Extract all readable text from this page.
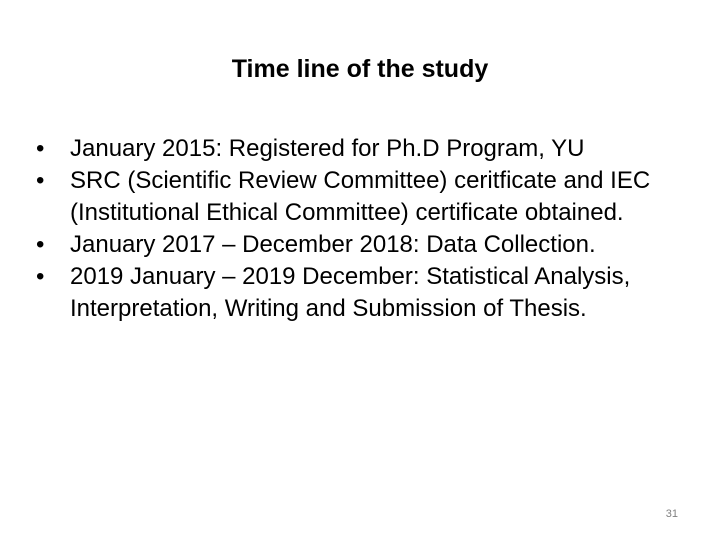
Time line of the study
•	January 2015: Registered for Ph.D Program, YU
•	SRC (Scientific Review Committee) ceritficate and IEC (Institutional Ethical Committee) certificate obtained.
•	January 2017 – December 2018: Data Collection.
•	2019 January – 2019 December: Statistical Analysis, Interpretation, Writing and Submission of Thesis.
31
